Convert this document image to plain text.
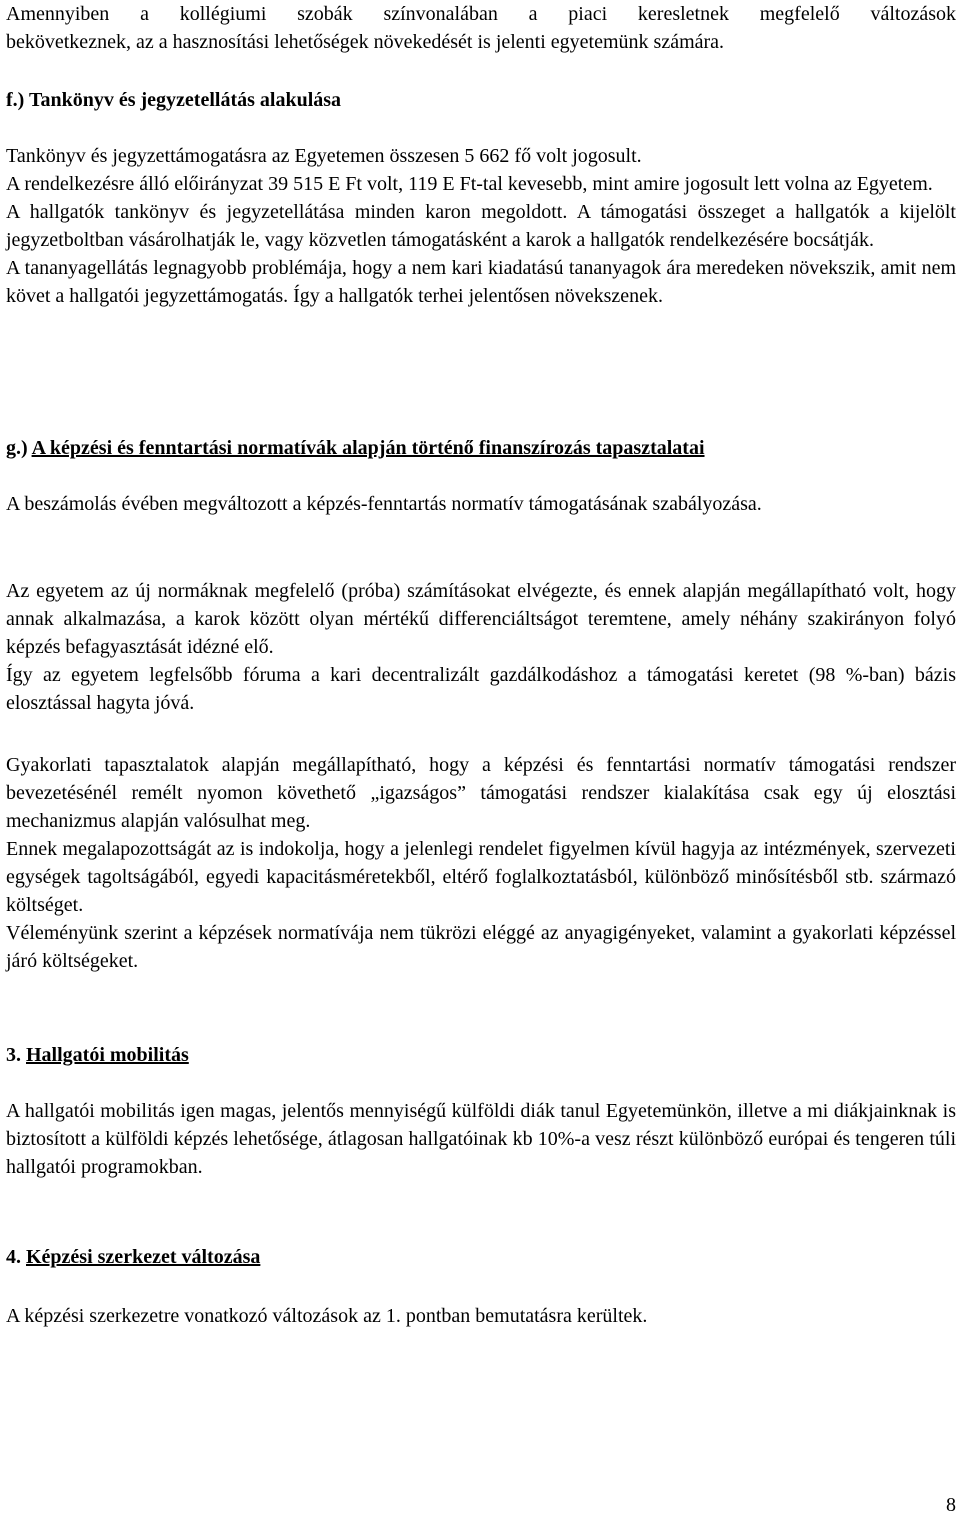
Amennyiben a kollégiumi szobák színvonalában a piaci keresletnek megfelelő változások

bekövetkeznek, az a hasznosítási lehetőségek növekedését is jelenti egyetemünk számára.

f.) Tankönyv és jegyzetellátás alakulása

Tankönyv és jegyzettámogatásra az Egyetemen összesen 5 662 fő volt jogosult.

A rendelkezésre álló előirányzat 39 515 E Ft volt, 119 E Ft-tal kevesebb, mint amire jogosult lett volna az Egyetem.

A hallgatók tankönyv és jegyzetellátása minden karon megoldott. A támogatási összeget a hallgatók a kijelölt jegyzetboltban vásárolhatják le, vagy közvetlen támogatásként a karok a hallgatók rendelkezésére bocsátják.

A tananyagellátás legnagyobb problémája, hogy a nem kari kiadatású tananyagok ára meredeken növekszik, amit nem követ a hallgatói jegyzettámogatás. Így a hallgatók terhei jelentősen növekszenek.

g.) A képzési és fenntartási normatívák alapján történő finanszírozás tapasztalatai

A beszámolás évében megváltozott a képzés-fenntartás normatív támogatásának szabályozása.

Az egyetem az új normáknak megfelelő (próba) számításokat elvégezte, és ennek alapján megállapítható volt, hogy annak alkalmazása, a karok között olyan mértékű differenciáltságot teremtene, amely néhány szakirányon folyó képzés befagyasztását idézné elő.

Így az egyetem legfelsőbb fóruma a kari decentralizált gazdálkodáshoz a támogatási keretet (98 %-ban) bázis elosztással hagyta jóvá.

Gyakorlati tapasztalatok alapján megállapítható, hogy a képzési és fenntartási normatív támogatási rendszer bevezetésénél remélt nyomon követhető „igazságos” támogatási rendszer kialakítása csak egy új elosztási mechanizmus alapján valósulhat meg.

Ennek megalapozottságát az is indokolja, hogy a jelenlegi rendelet figyelmen kívül hagyja az intézmények, szervezeti egységek tagoltságából, egyedi kapacitásméretekből, eltérő foglalkoztatásból, különböző minősítésből stb. származó költséget.

Véleményünk szerint a képzések normatívája nem tükrözi eléggé az anyagigényeket, valamint a gyakorlati képzéssel járó költségeket.

3. Hallgatói mobilitás

A hallgatói mobilitás igen magas, jelentős mennyiségű külföldi diák tanul Egyetemünkön, illetve a mi diákjainknak is biztosított a külföldi képzés lehetősége, átlagosan hallgatóinak kb 10%-a vesz részt különböző európai és tengeren túli hallgatói programokban.

4. Képzési szerkezet változása

A képzési szerkezetre vonatkozó változások az 1. pontban bemutatásra kerültek.

8
